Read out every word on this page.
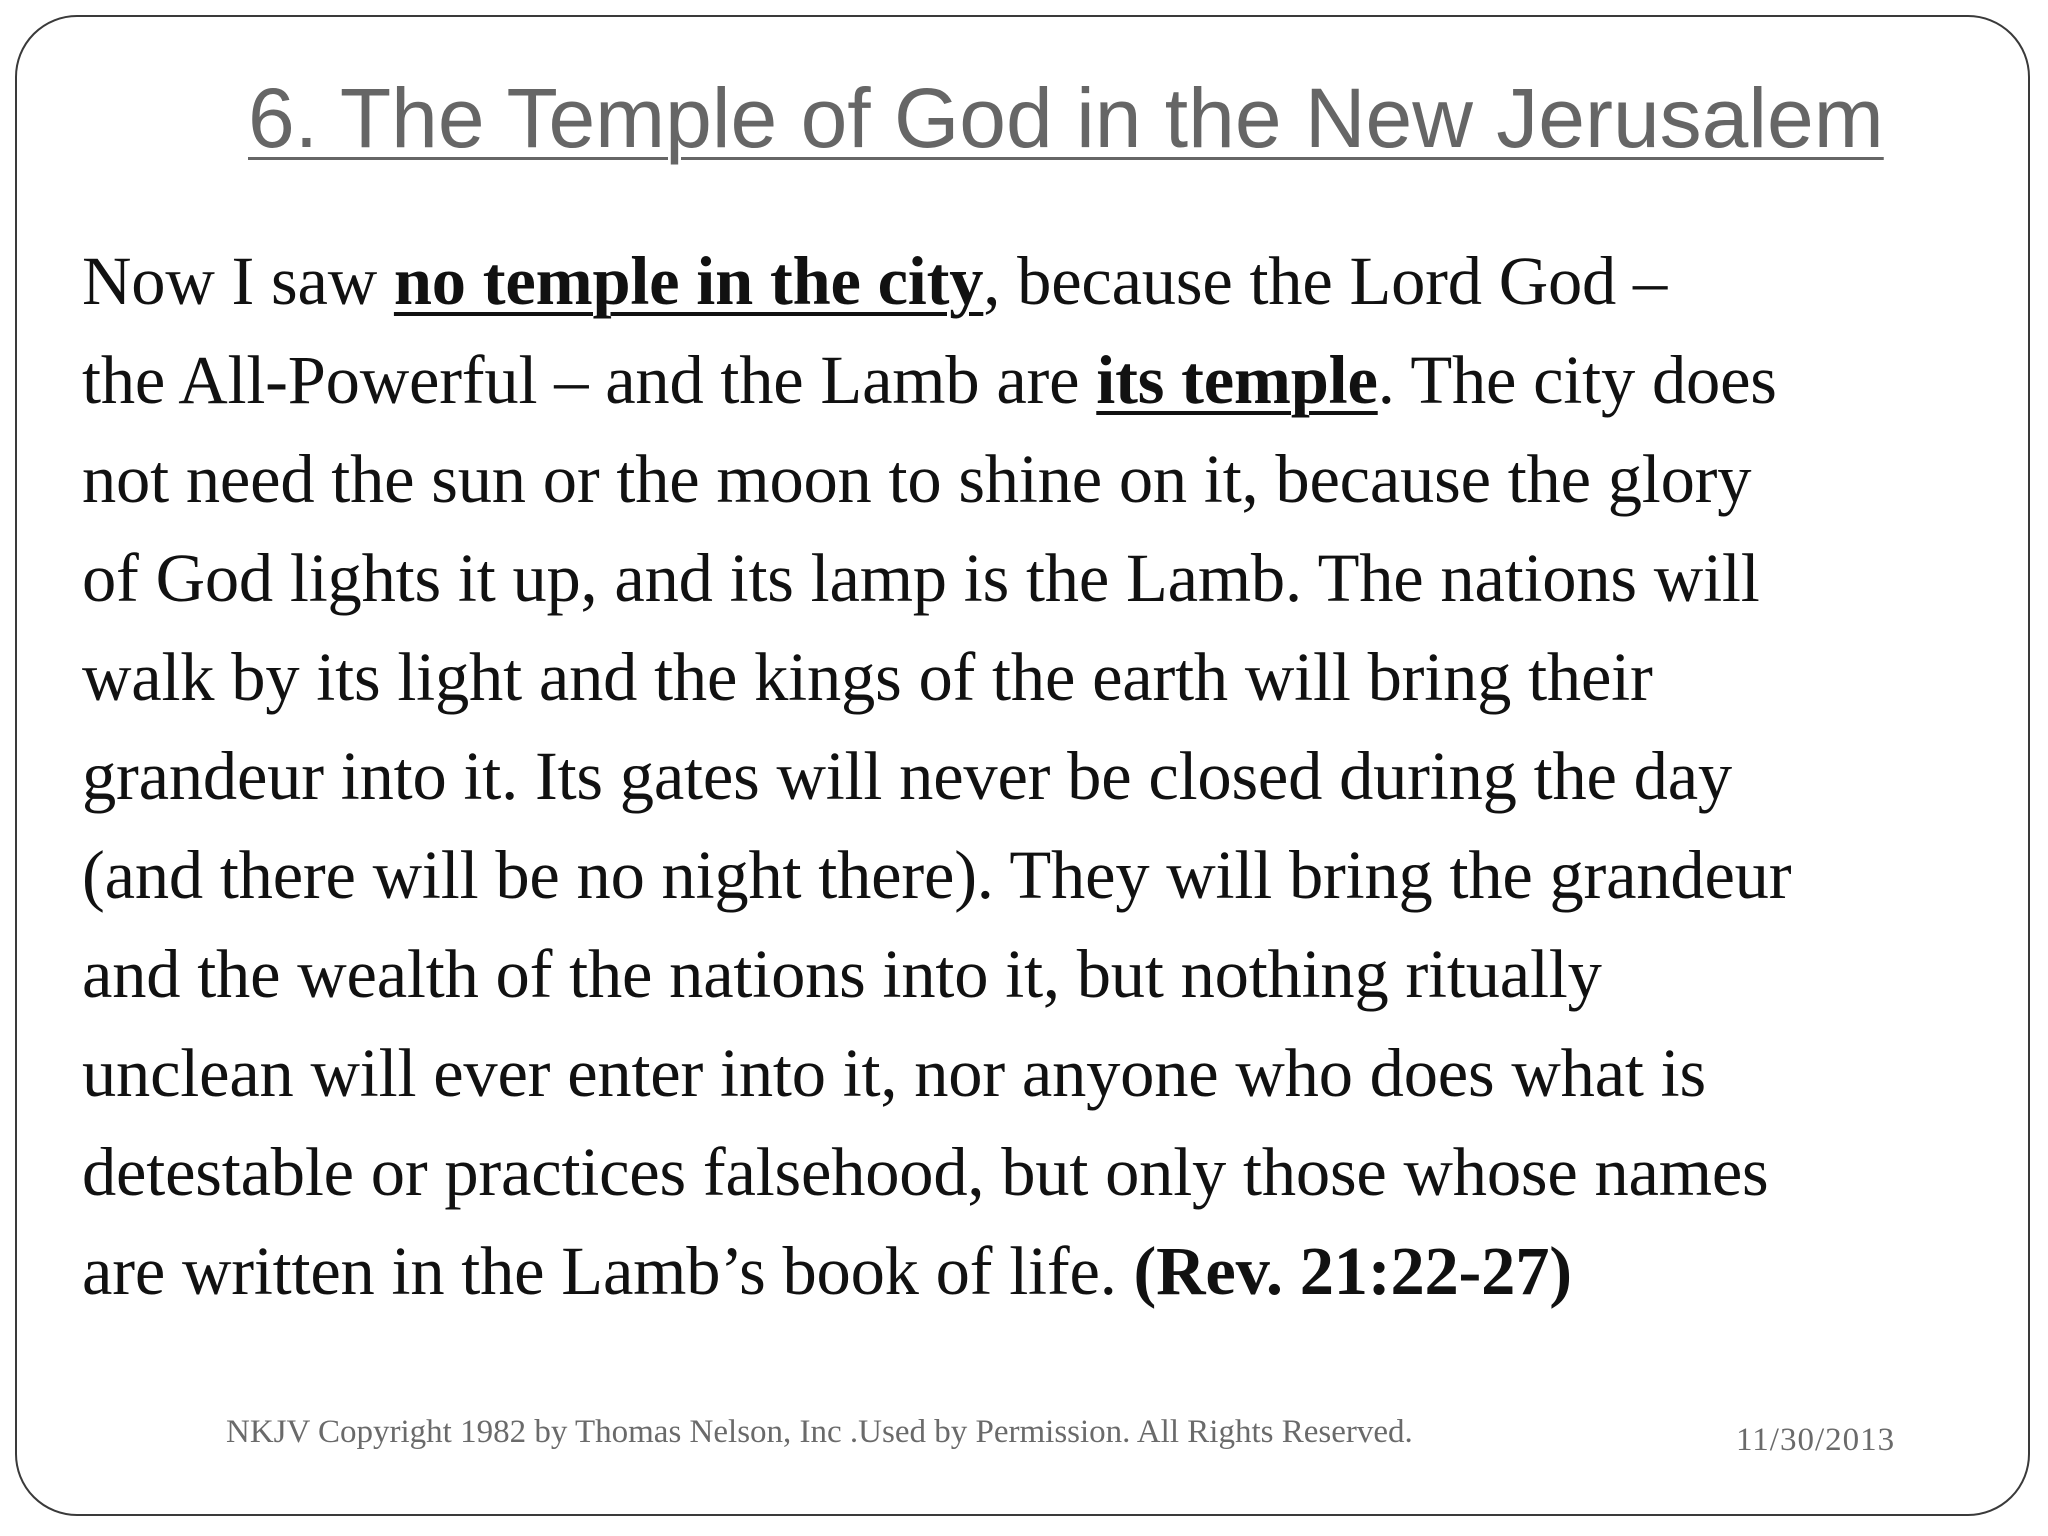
6. The Temple of God in the New Jerusalem

Now I saw no temple in the city, because the Lord God –
the All-Powerful – and the Lamb are its temple. The city does
not need the sun or the moon to shine on it, because the glory
of God lights it up, and its lamp is the Lamb. The nations will
walk by its light and the kings of the earth will bring their
grandeur into it. Its gates will never be closed during the day
(and there will be no night there). They will bring the grandeur
and the wealth of the nations into it, but nothing ritually
unclean will ever enter into it, nor anyone who does what is
detestable or practices falsehood, but only those whose names
are written in the Lamb’s book of life. (Rev. 21:22-27)

NKJV Copyright 1982 by Thomas Nelson, Inc .Used by Permission. All Rights Reserved.	11/30/2013
